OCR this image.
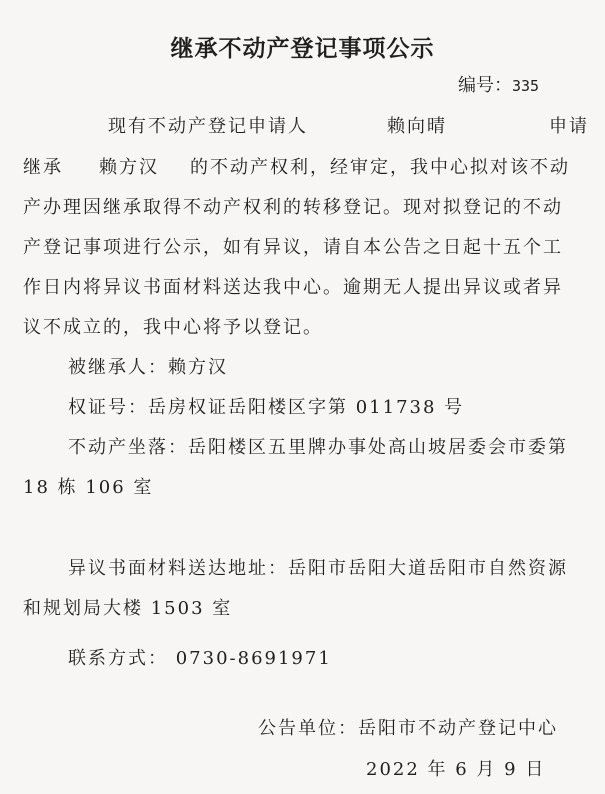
继承不动产登记事项公示
编号：335
现有不动产登记申请人	赖向晴	申请
继承 赖方汉 的不动产权利，经审定，我中心拟对该不动
产办理因继承取得不动产权利的转移登记。现对拟登记的不动
产登记事项进行公示，如有异议，请自本公告之日起十五个工
作日内将异议书面材料送达我中心。逾期无人提出异议或者异
议不成立的，我中心将予以登记。
被继承人：赖方汉
权证号：岳房权证岳阳楼区字第 011738 号
不动产坐落：岳阳楼区五里牌办事处高山坡居委会市委第
18 栋 106 室
异议书面材料送达地址：岳阳市岳阳大道岳阳市自然资源
和规划局大楼 1503 室
联系方式： 0730-8691971
公告单位：岳阳市不动产登记中心
2022 年 6 月 9 日
